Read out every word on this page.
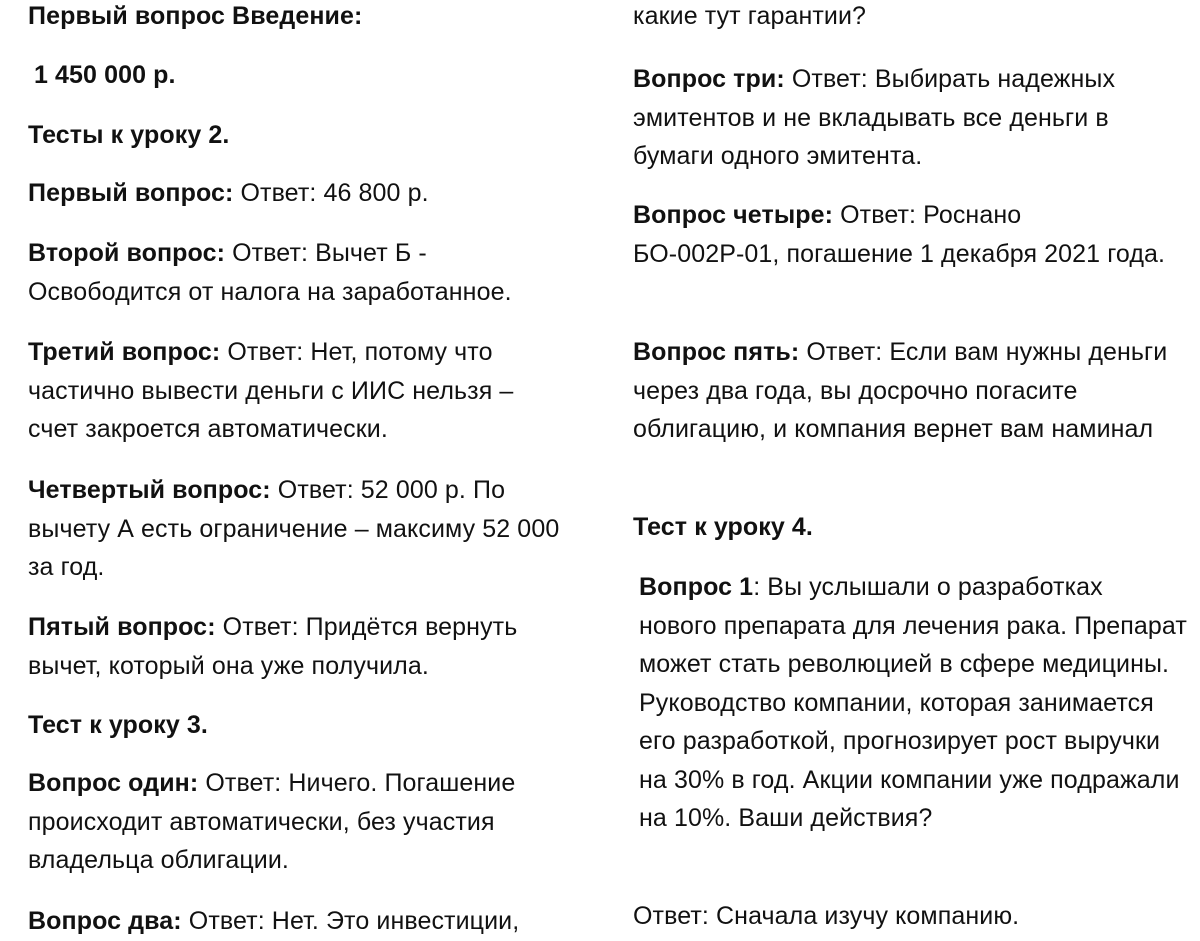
Первый вопрос Введение:

1 450 000 р.

Тесты к уроку 2.

Первый вопрос: Ответ: 46 800 р.

Второй вопрос: Ответ: Вычет Б - Освободится от налога на заработанное.

Третий вопрос: Ответ: Нет, потому что частично вывести деньги с ИИС нельзя – счет закроется автоматически.

Четвертый вопрос: Ответ: 52 000 р. По вычету А есть ограничение – максиму 52 000 за год.

Пятый вопрос: Ответ: Придётся вернуть вычет, который она уже получила.

Тест к уроку 3.

Вопрос один: Ответ: Ничего. Погашение происходит автоматически, без участия владельца облигации.

Вопрос два: Ответ: Нет. Это инвестиции,

какие тут гарантии?

Вопрос три: Ответ: Выбирать надежных эмитентов и не вкладывать все деньги в бумаги одного эмитента.

Вопрос четыре: Ответ: Роснано БО-002Р-01, погашение 1 декабря 2021 года.

Вопрос пять: Ответ: Если вам нужны деньги через два года, вы досрочно погасите облигацию, и компания вернет вам наминал

Тест к уроку 4.

Вопрос 1: Вы услышали о разработках нового препарата для лечения рака. Препарат может стать революцией в сфере медицины. Руководство компании, которая занимается его разработкой, прогнозирует рост выручки на 30% в год. Акции компании уже подражали на 10%. Ваши действия?

Ответ: Сначала изучу компанию.
